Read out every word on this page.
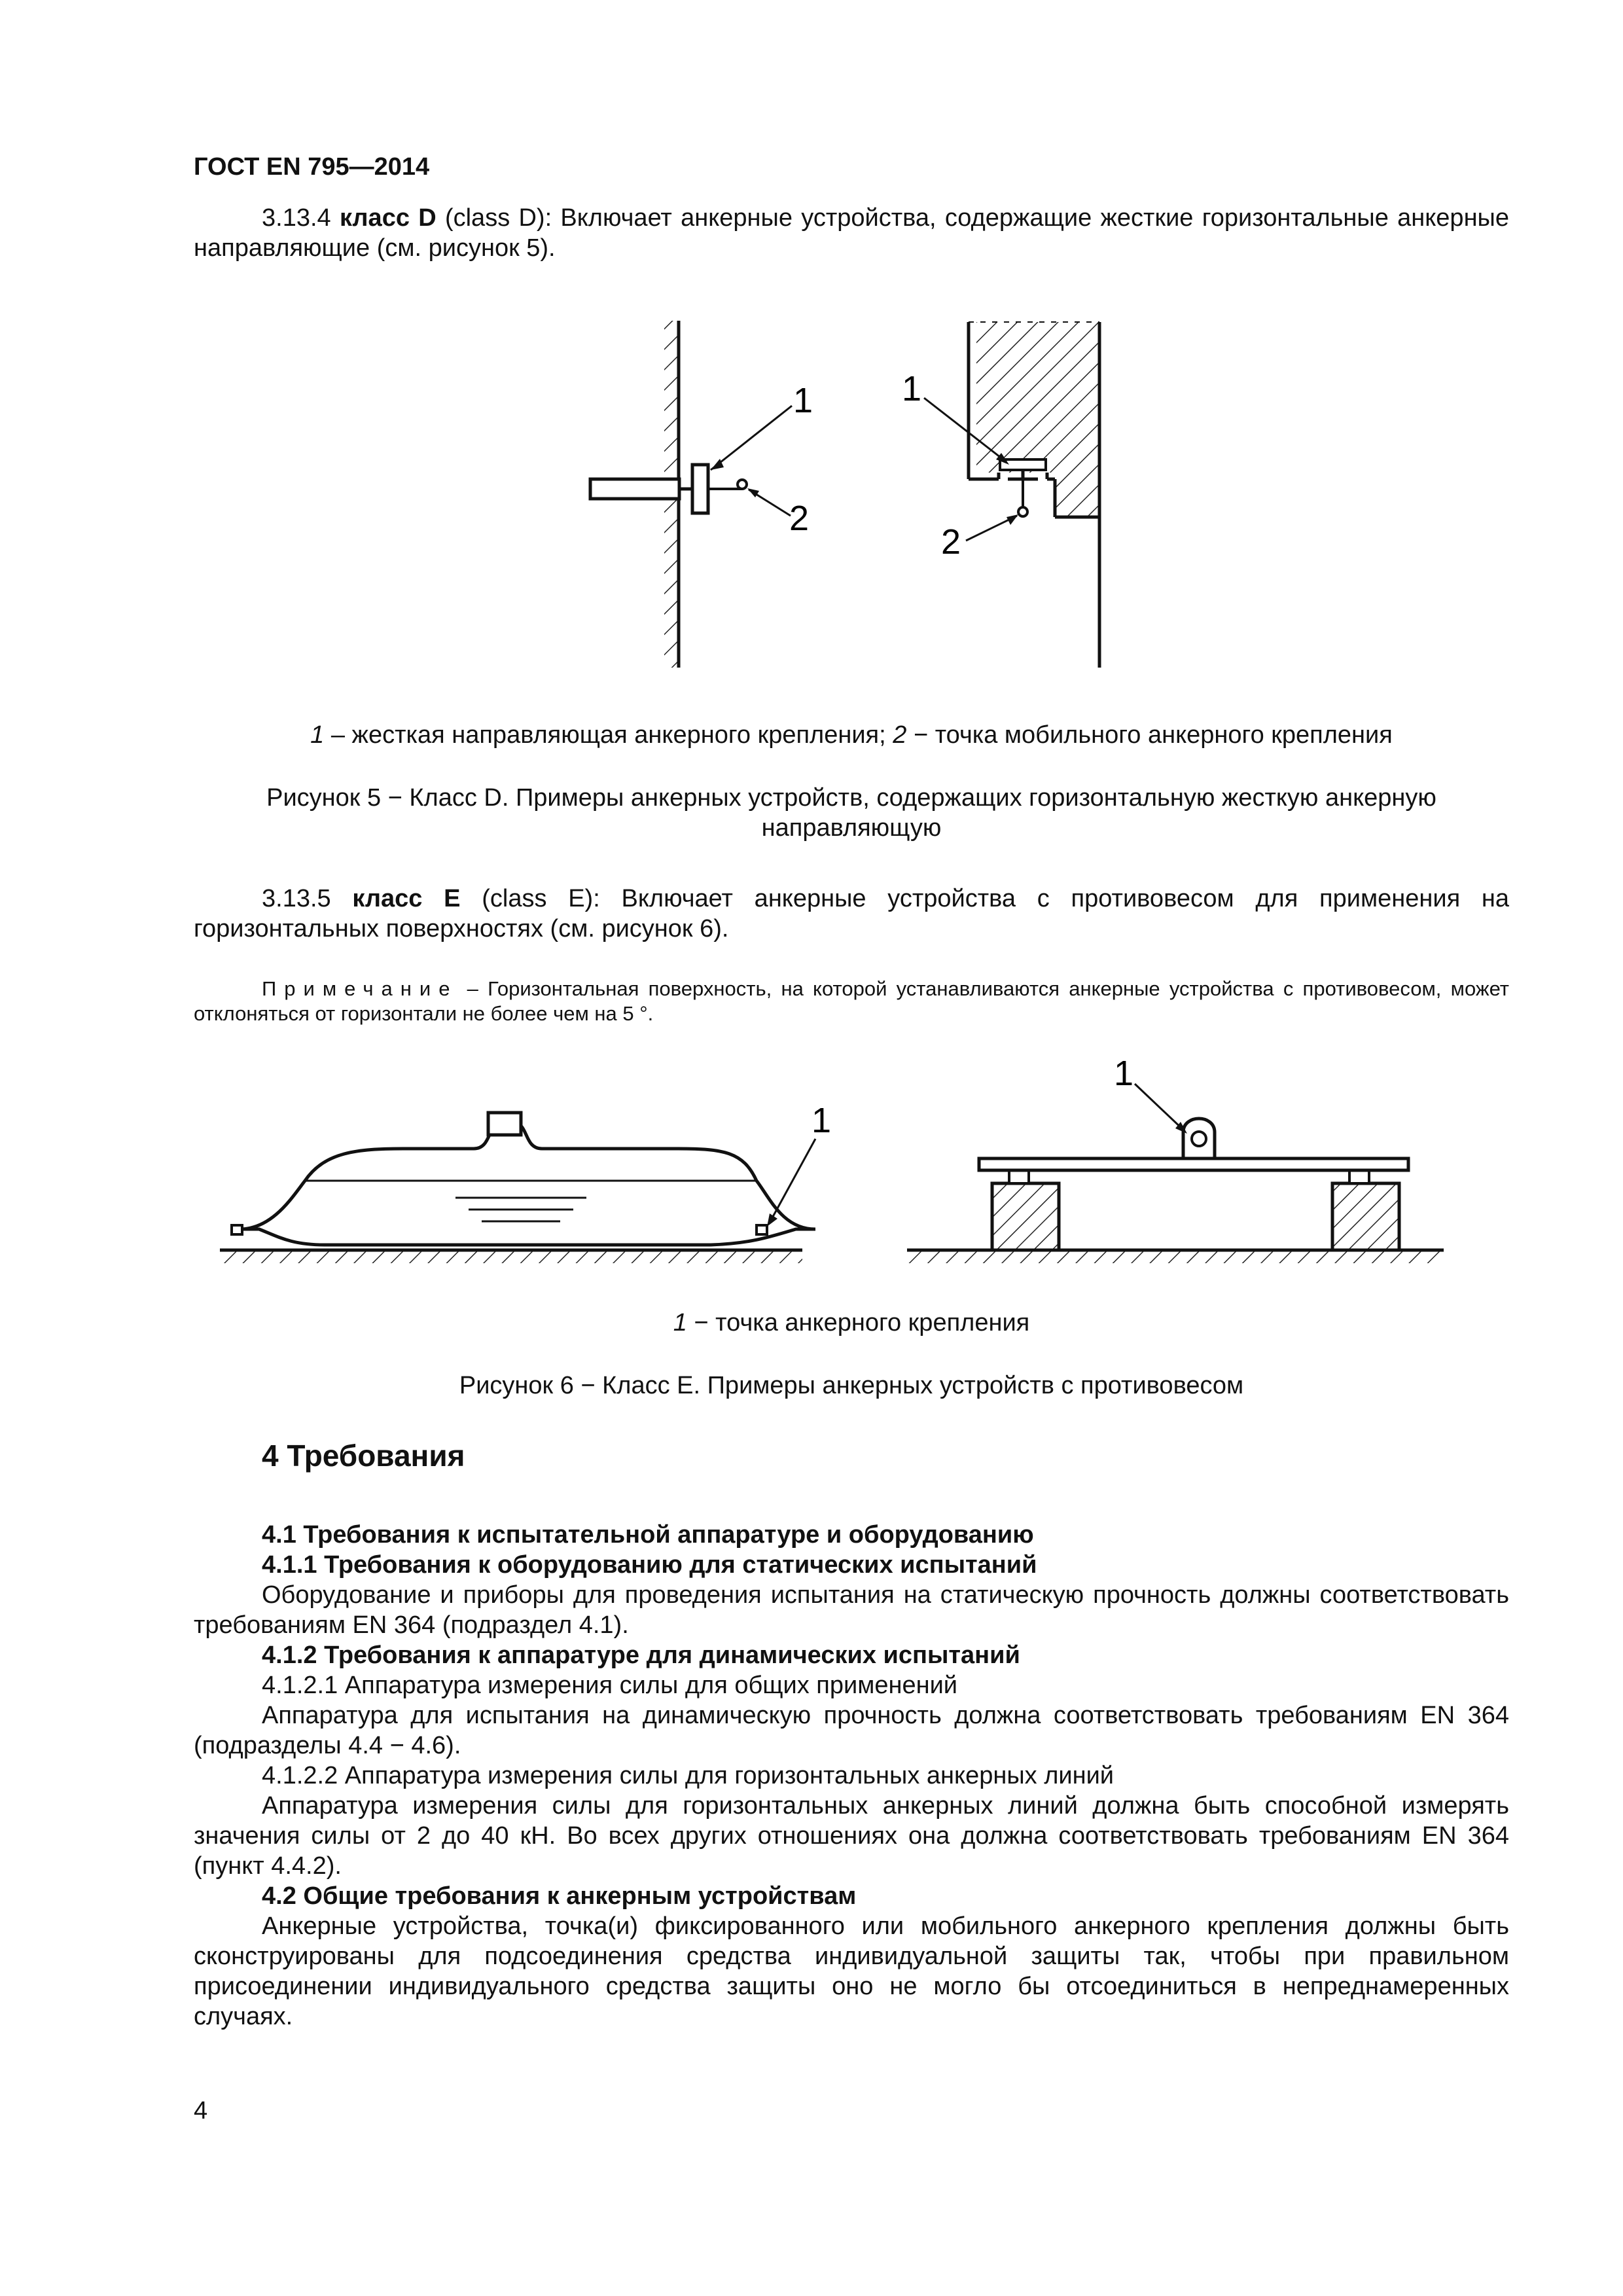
ГОСТ EN 795—2014

3.13.4 класс D (class D): Включает анкерные устройства, содержащие жесткие горизонтальные анкерные направляющие (см. рисунок 5).

1
2
1
2

1 – жесткая направляющая анкерного крепления; 2 − точка мобильного анкерного крепления

Рисунок 5 − Класс D. Примеры анкерных устройств, содержащих горизонтальную жесткую анкерную направляющую

3.13.5 класс Е (class E): Включает анкерные устройства с противовесом для применения на горизонтальных поверхностях (см. рисунок 6).

Примечание – Горизонтальная поверхность, на которой устанавливаются анкерные устройства с противовесом, может отклоняться от горизонтали не более чем на 5 °.

1
1

1 − точка анкерного крепления

Рисунок 6 − Класс Е. Примеры анкерных устройств с противовесом

4 Требования

4.1 Требования к испытательной аппаратуре и оборудованию

4.1.1 Требования к оборудованию для статических испытаний

Оборудование и приборы для проведения испытания на статическую прочность должны соответствовать требованиям EN 364 (подраздел 4.1).

4.1.2 Требования к аппаратуре для динамических испытаний

4.1.2.1 Аппаратура измерения силы для общих применений

Аппаратура для испытания на динамическую прочность должна соответствовать требованиям EN 364 (подразделы 4.4 − 4.6).

4.1.2.2 Аппаратура измерения силы для горизонтальных анкерных линий

Аппаратура измерения силы для горизонтальных анкерных линий должна быть способной измерять значения силы от 2 до 40 кН. Во всех других отношениях она должна соответствовать требованиям EN 364 (пункт 4.4.2).

4.2 Общие требования к анкерным устройствам

Анкерные устройства, точка(и) фиксированного или мобильного анкерного крепления должны быть сконструированы для подсоединения средства индивидуальной защиты так, чтобы при правильном присоединении индивидуального средства защиты оно не могло бы отсоединиться в непреднамеренных случаях.

4
